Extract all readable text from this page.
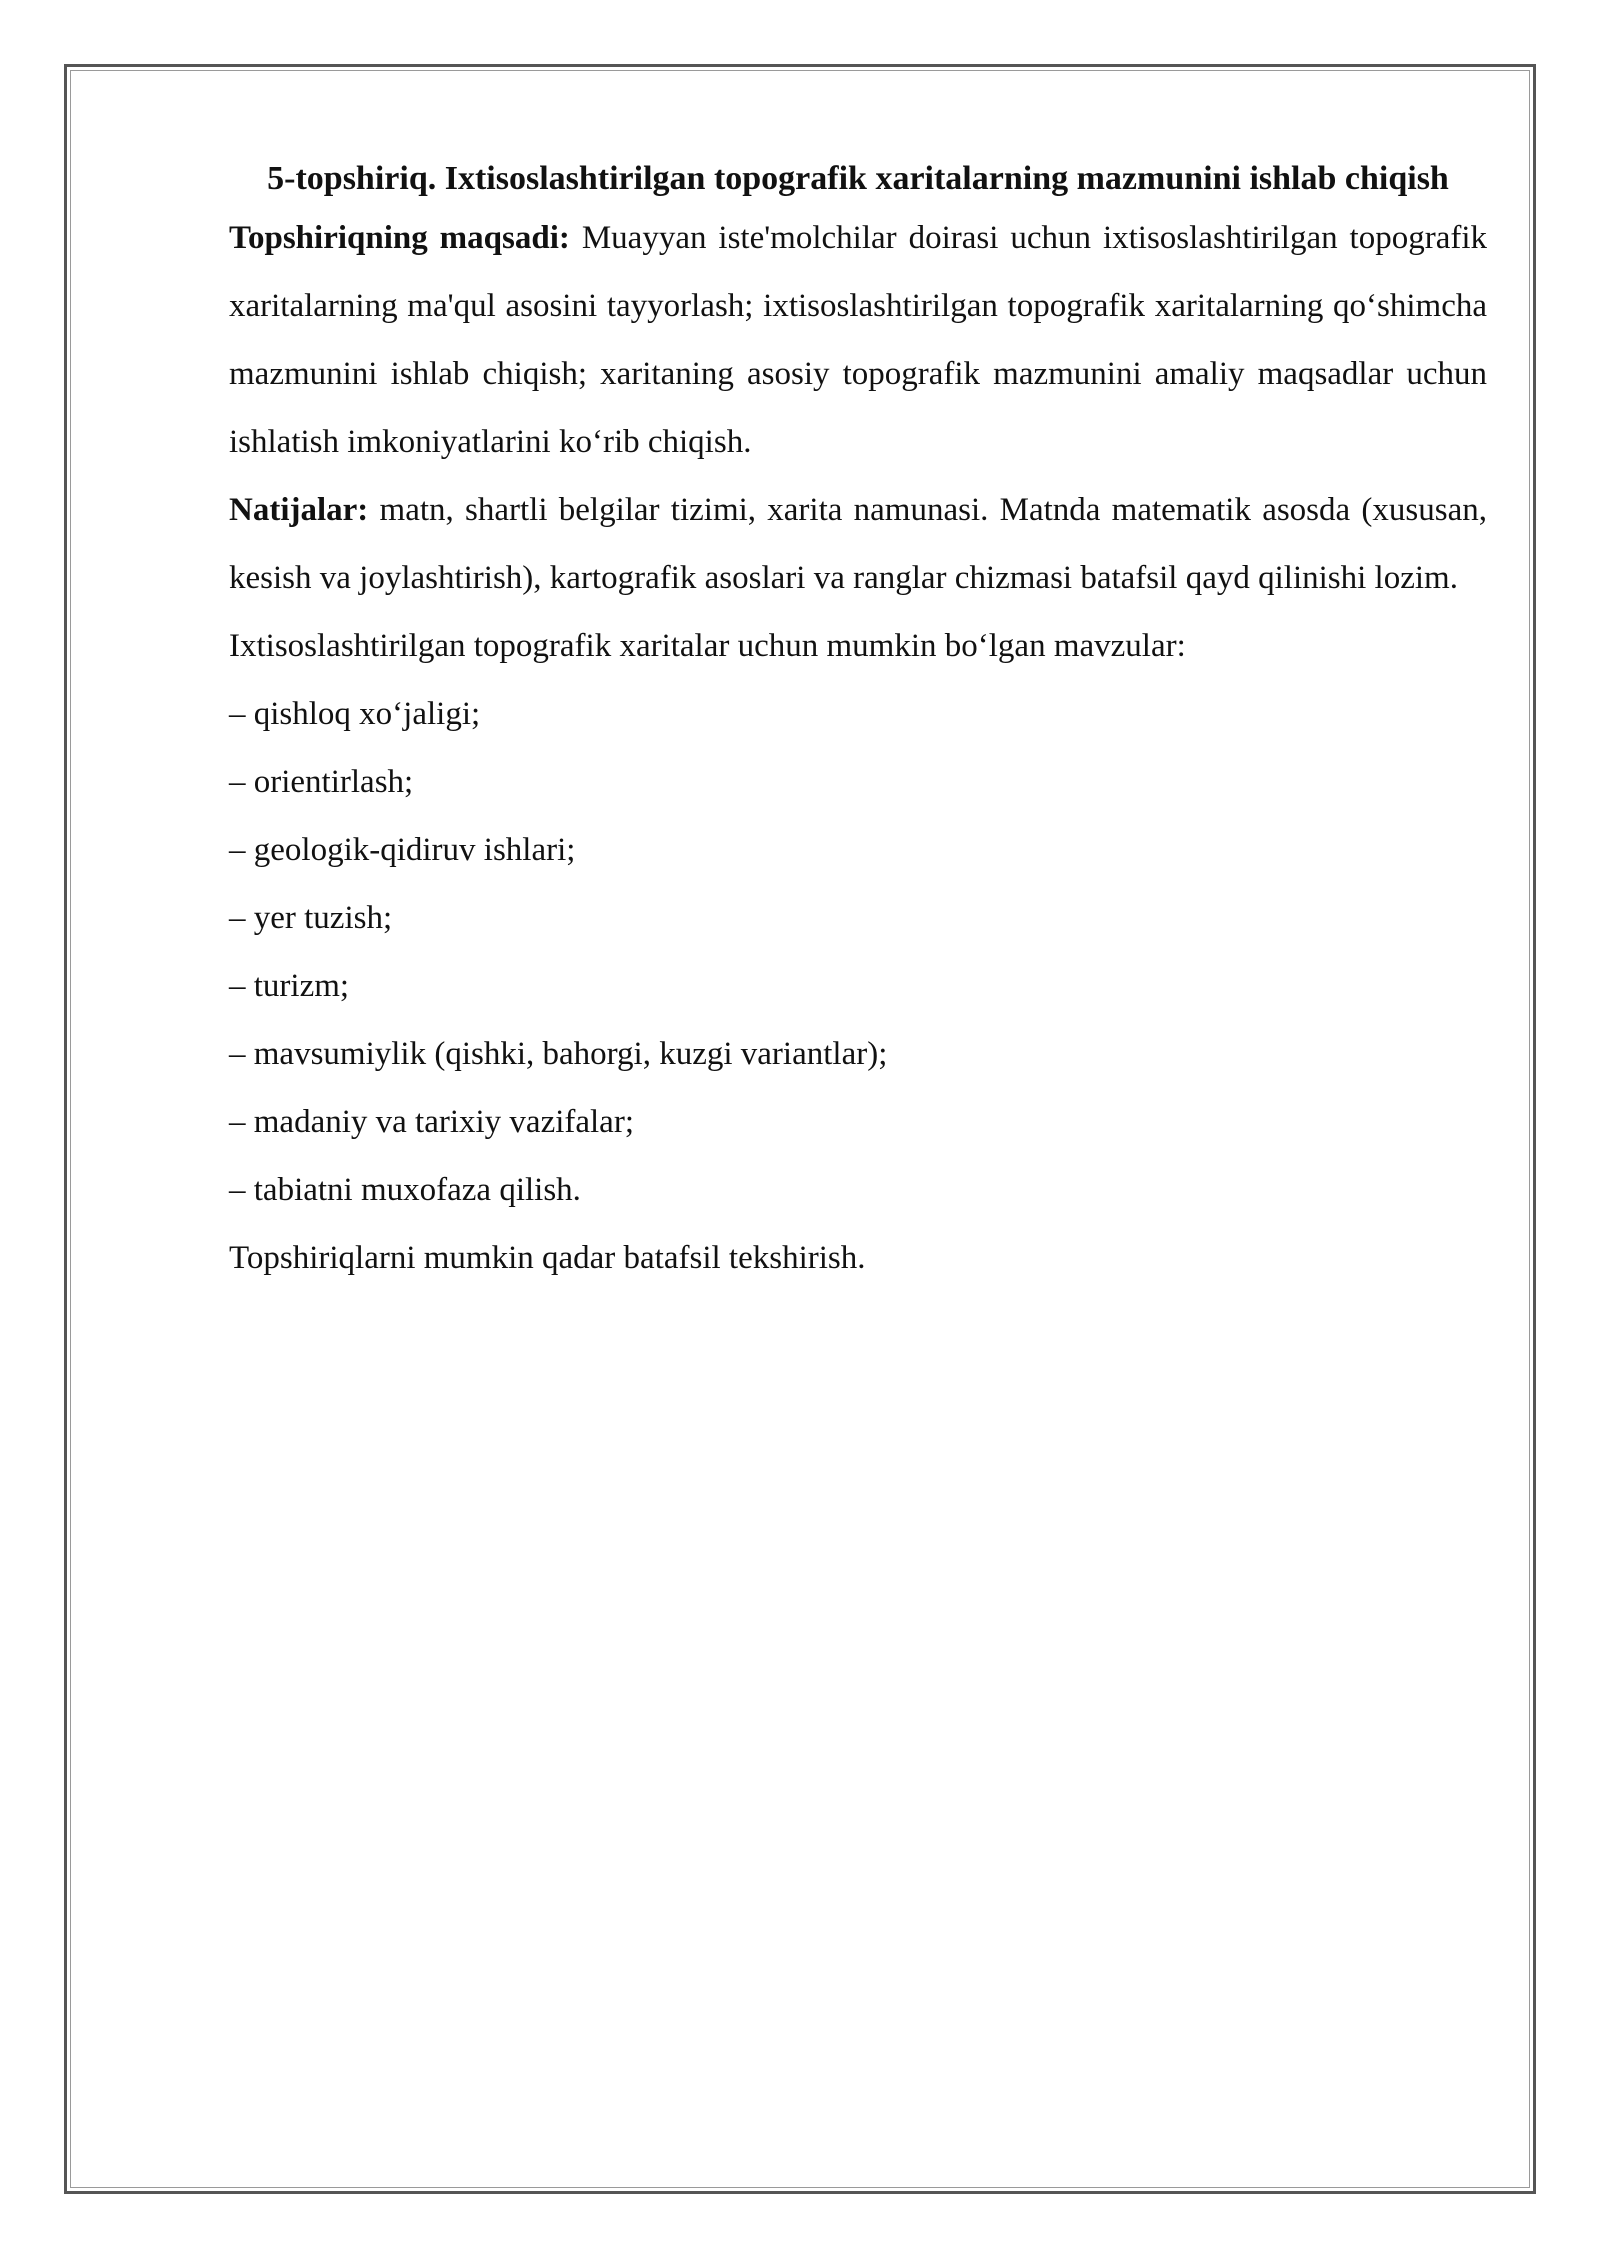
5-topshiriq. Ixtisoslashtirilgan topografik xaritalarning mazmunini ishlab chiqish

Topshiriqning maqsadi: Muayyan iste'molchilar doirasi uchun ixtisoslashtirilgan topografik xaritalarning ma'qul asosini tayyorlash; ixtisoslashtirilgan topografik xaritalarning qo‘shimcha mazmunini ishlab chiqish; xaritaning asosiy topografik mazmunini amaliy maqsadlar uchun ishlatish imkoniyatlarini ko‘rib chiqish.

Natijalar: matn, shartli belgilar tizimi, xarita namunasi. Matnda matematik asosda (xususan, kesish va joylashtirish), kartografik asoslari va ranglar chizmasi batafsil qayd qilinishi lozim.

Ixtisoslashtirilgan topografik xaritalar uchun mumkin bo‘lgan mavzular:

– qishloq xo‘jaligi;

– orientirlash;

– geologik-qidiruv ishlari;

– yer tuzish;

– turizm;

– mavsumiylik (qishki, bahorgi, kuzgi variantlar);

– madaniy va tarixiy vazifalar;

– tabiatni muxofaza qilish.

Topshiriqlarni mumkin qadar batafsil tekshirish.
